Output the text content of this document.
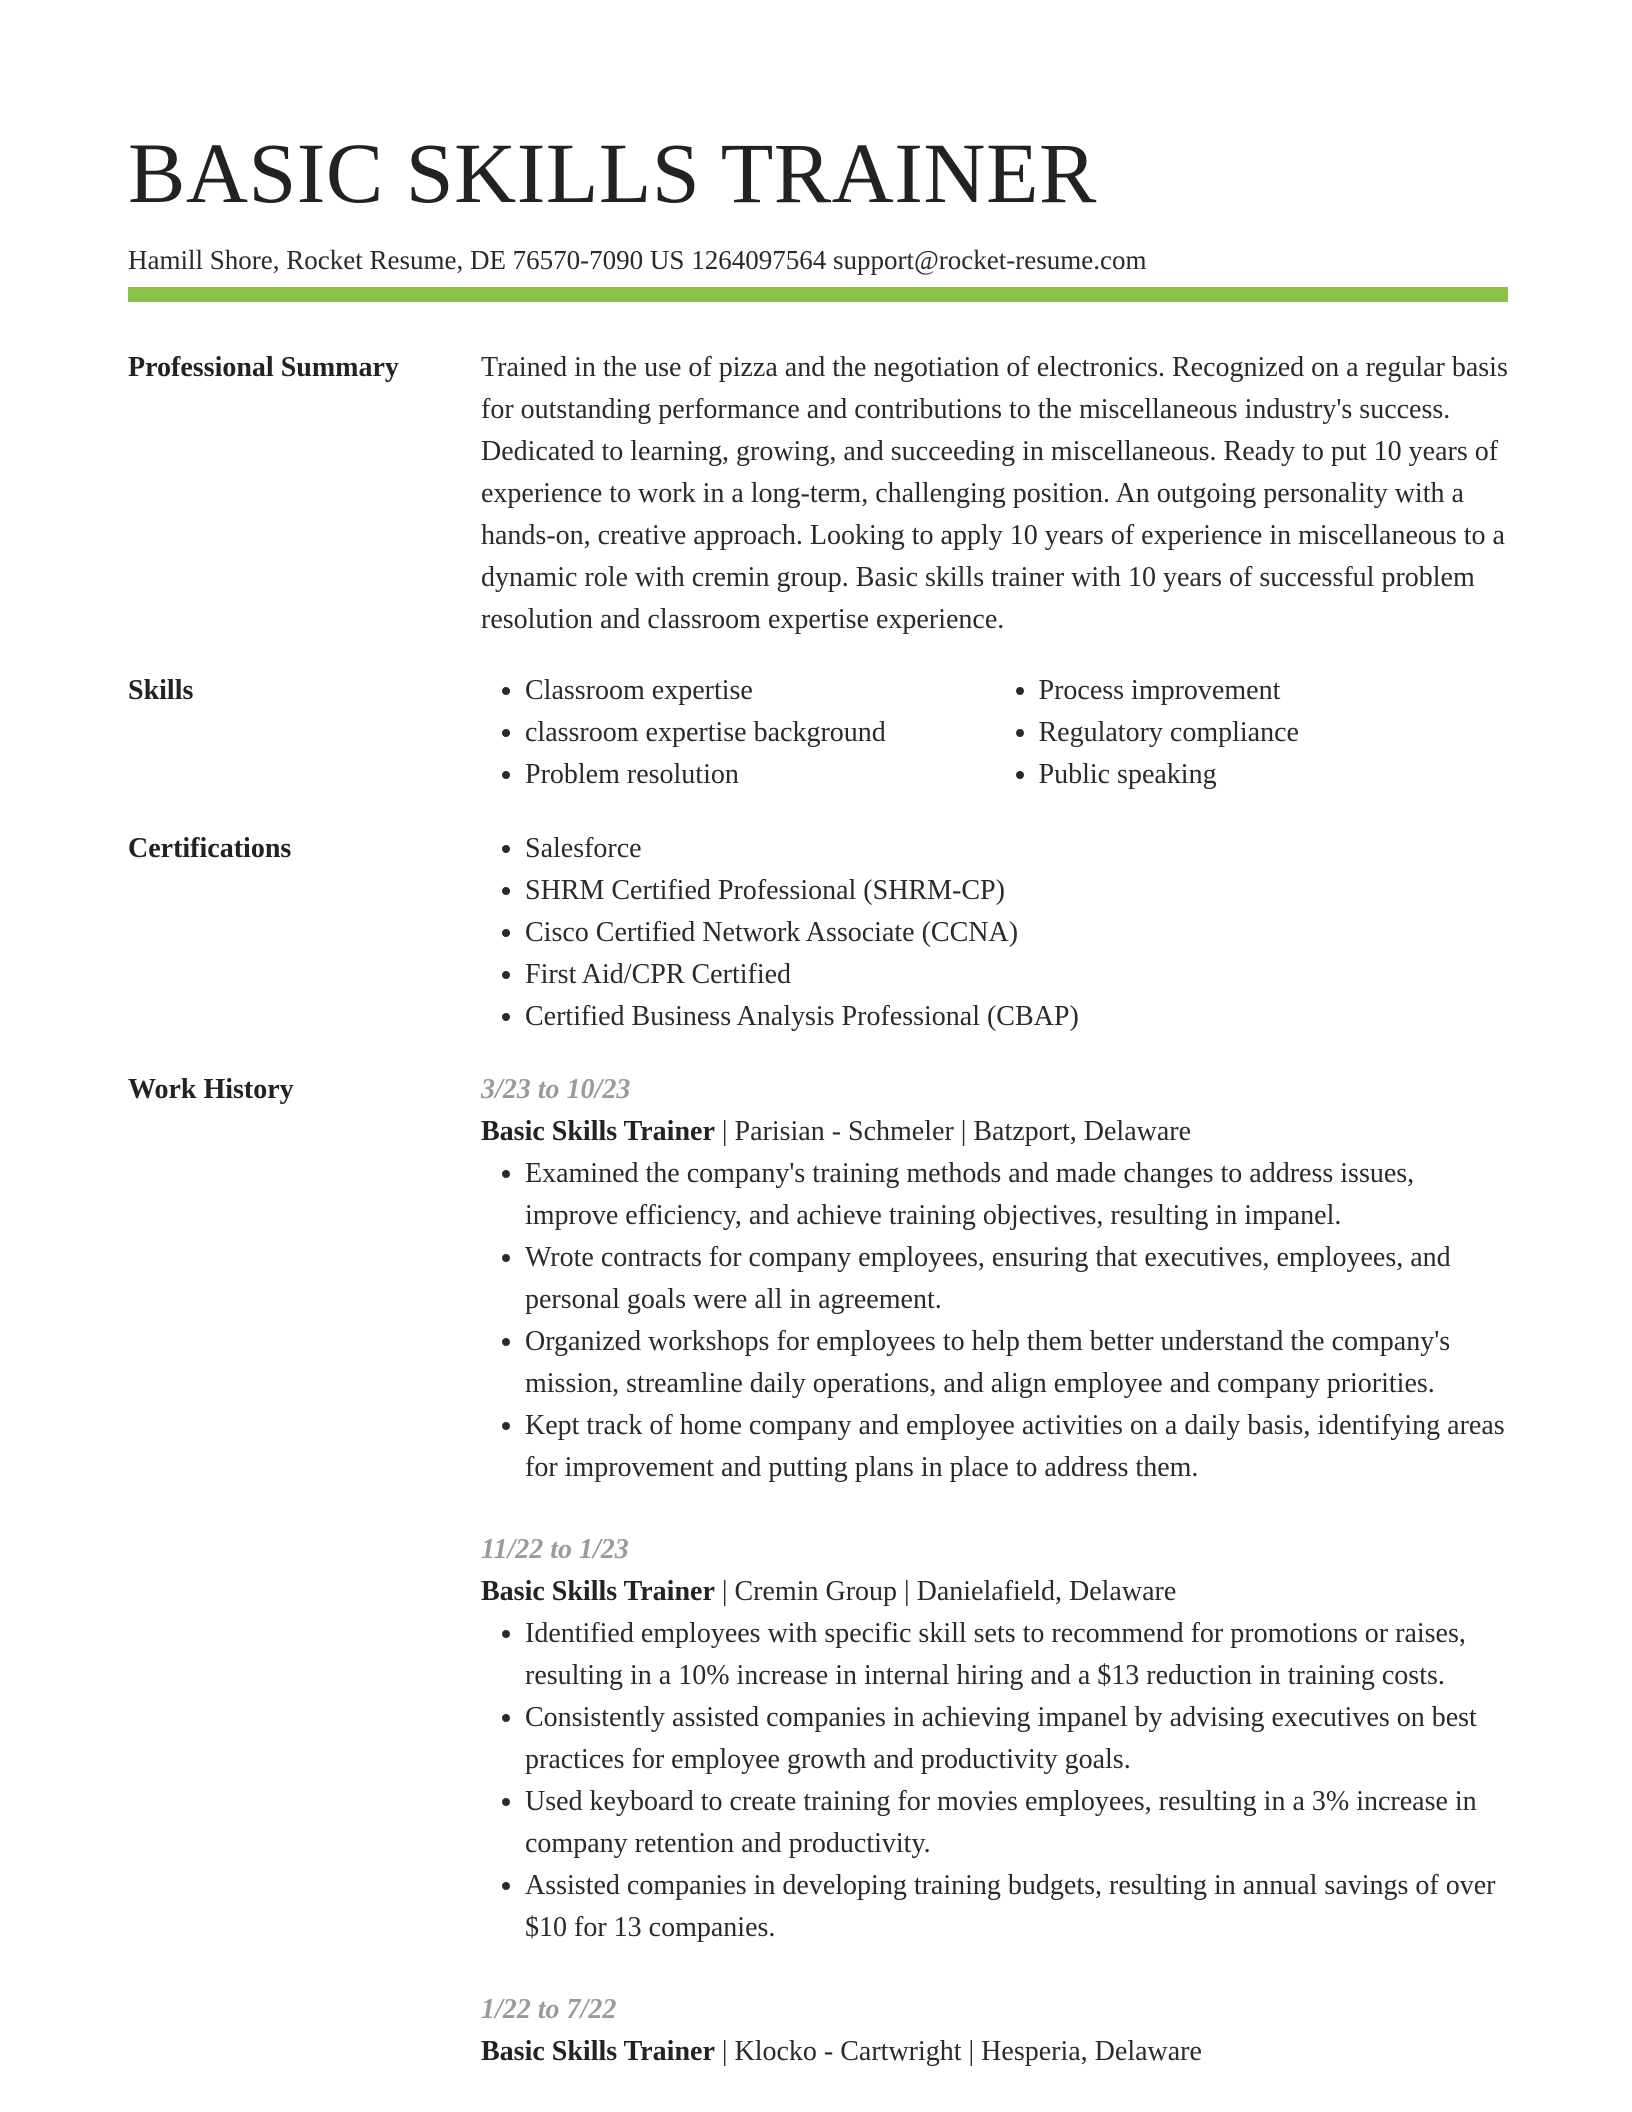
BASIC SKILLS TRAINER
Hamill Shore, Rocket Resume, DE 76570-7090 US 1264097564 support@rocket-resume.com
Professional Summary	Trained in the use of pizza and the negotiation of electronics. Recognized on a regular basis for outstanding performance and contributions to the miscellaneous industry's success. Dedicated to learning, growing, and succeeding in miscellaneous. Ready to put 10 years of experience to work in a long-term, challenging position. An outgoing personality with a hands-on, creative approach. Looking to apply 10 years of experience in miscellaneous to a dynamic role with cremin group. Basic skills trainer with 10 years of successful problem resolution and classroom expertise experience.

Skills	• Classroom expertise
• classroom expertise background
• Problem resolution
• Process improvement
• Regulatory compliance
• Public speaking
Certifications	• Salesforce
• SHRM Certified Professional (SHRM-CP)
• Cisco Certified Network Associate (CCNA)
• First Aid/CPR Certified
• Certified Business Analysis Professional (CBAP)
Work History	3/23 to 10/23
Basic Skills Trainer | Parisian - Schmeler | Batzport, Delaware
• Examined the company's training methods and made changes to address issues, improve efficiency, and achieve training objectives, resulting in impanel.
• Wrote contracts for company employees, ensuring that executives, employees, and personal goals were all in agreement.
• Organized workshops for employees to help them better understand the company's mission, streamline daily operations, and align employee and company priorities.
• Kept track of home company and employee activities on a daily basis, identifying areas for improvement and putting plans in place to address them.
11/22 to 1/23
Basic Skills Trainer | Cremin Group | Danielafield, Delaware
• Identified employees with specific skill sets to recommend for promotions or raises, resulting in a 10% increase in internal hiring and a $13 reduction in training costs.
• Consistently assisted companies in achieving impanel by advising executives on best practices for employee growth and productivity goals.
• Used keyboard to create training for movies employees, resulting in a 3% increase in company retention and productivity.
• Assisted companies in developing training budgets, resulting in annual savings of over $10 for 13 companies.
1/22 to 7/22
Basic Skills Trainer | Klocko - Cartwright | Hesperia, Delaware
